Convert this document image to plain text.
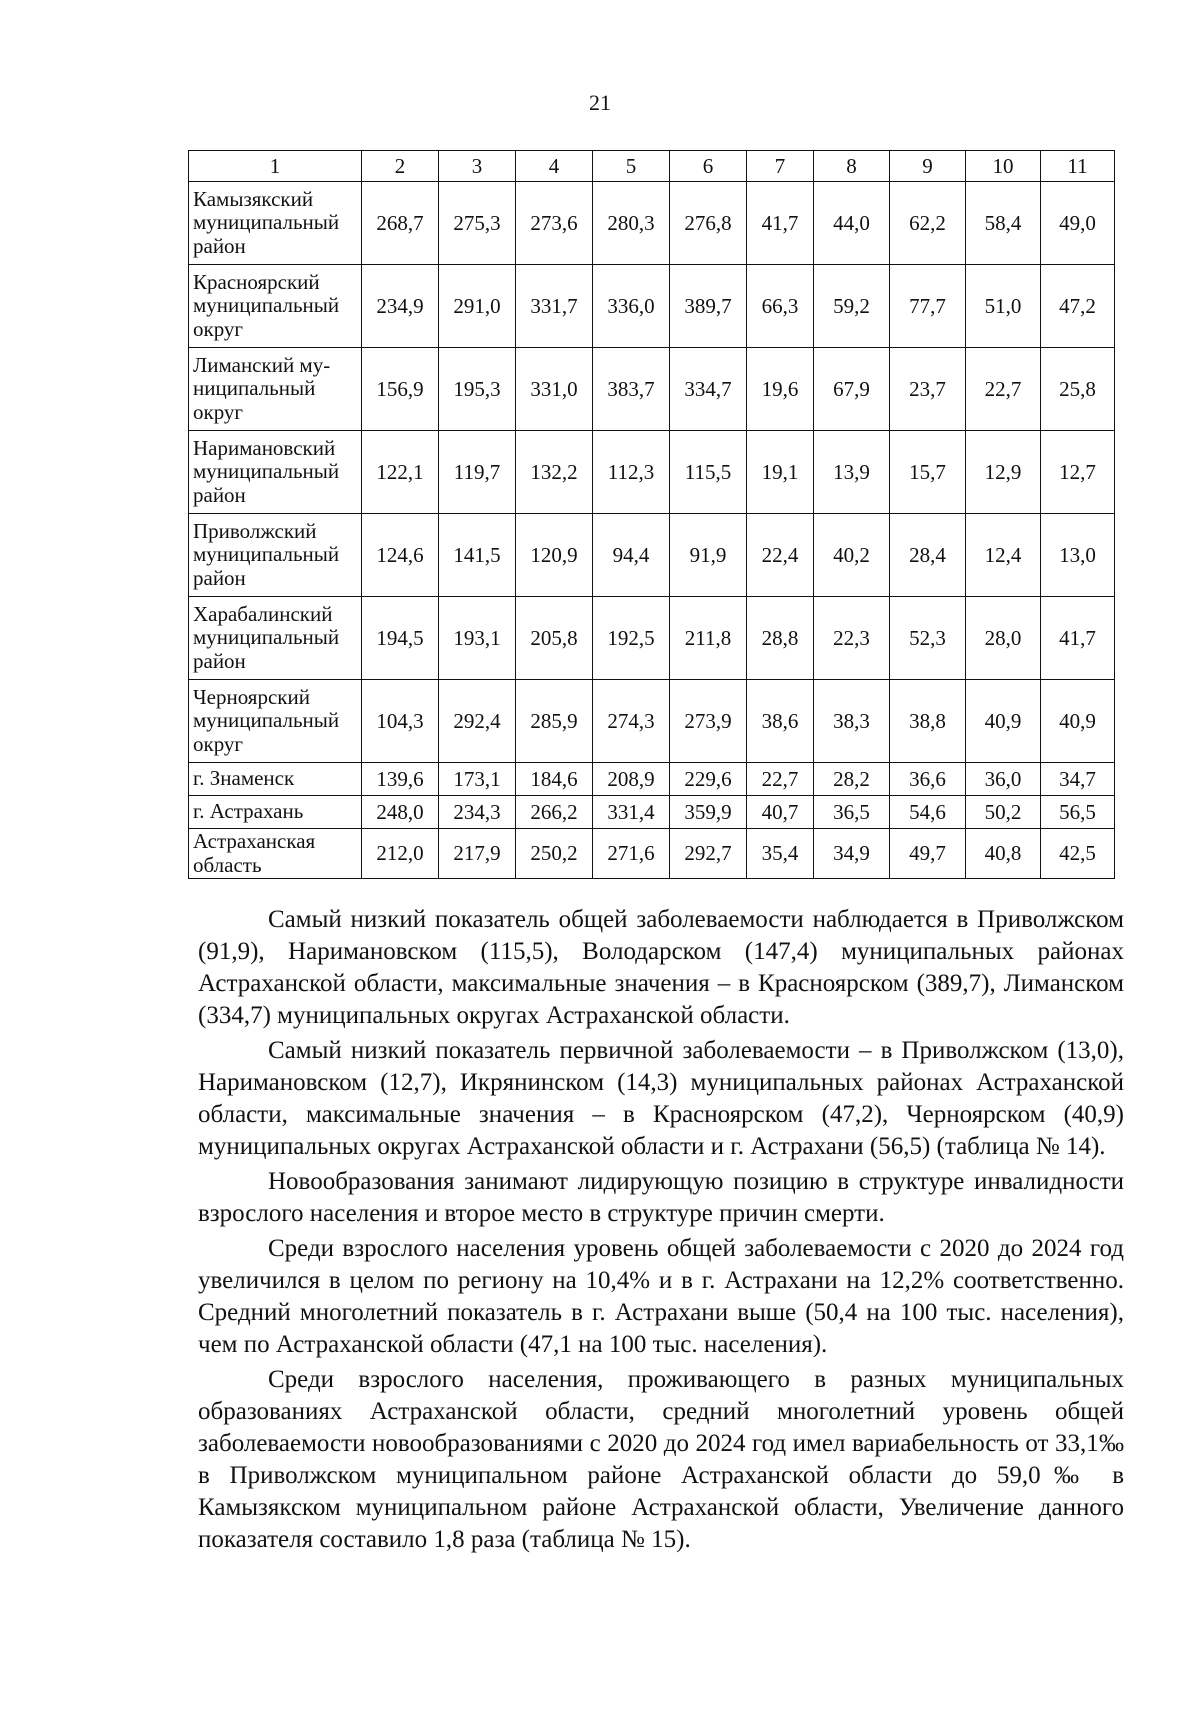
21
1	2	3	4	5	6	7	8	9	10	11
Камызякский
муниципальный
район	268,7	275,3	273,6	280,3	276,8	41,7	44,0	62,2	58,4	49,0
Красноярский
муниципальный
округ	234,9	291,0	331,7	336,0	389,7	66,3	59,2	77,7	51,0	47,2
Лиманский му-
ниципальный
округ	156,9	195,3	331,0	383,7	334,7	19,6	67,9	23,7	22,7	25,8
Наримановский
муниципальный
район	122,1	119,7	132,2	112,3	115,5	19,1	13,9	15,7	12,9	12,7
Приволжский
муниципальный
район	124,6	141,5	120,9	94,4	91,9	22,4	40,2	28,4	12,4	13,0
Харабалинский
муниципальный
район	194,5	193,1	205,8	192,5	211,8	28,8	22,3	52,3	28,0	41,7
Черноярский
муниципальный
округ	104,3	292,4	285,9	274,3	273,9	38,6	38,3	38,8	40,9	40,9
г. Знаменск	139,6	173,1	184,6	208,9	229,6	22,7	28,2	36,6	36,0	34,7
г. Астрахань	248,0	234,3	266,2	331,4	359,9	40,7	36,5	54,6	50,2	56,5
Астраханская
область	212,0	217,9	250,2	271,6	292,7	35,4	34,9	49,7	40,8	42,5

Самый низкий показатель общей заболеваемости наблюдается в Приволжском (91,9), Наримановском (115,5), Володарском (147,4) муниципальных районах Астраханской области, максимальные значения – в Красноярском (389,7), Лиманском (334,7) муниципальных округах Астраханской области.

Самый низкий показатель первичной заболеваемости – в Приволжском (13,0), Наримановском (12,7), Икрянинском (14,3) муниципальных районах Астраханской области, максимальные значения – в Красноярском (47,2), Черноярском (40,9) муниципальных округах Астраханской области и г. Астрахани (56,5) (таблица № 14).

Новообразования занимают лидирующую позицию в структуре инвалидности взрослого населения и второе место в структуре причин смерти.

Среди взрослого населения уровень общей заболеваемости с 2020 до 2024 год увеличился в целом по региону на 10,4% и в г. Астрахани на 12,2% соответственно. Средний многолетний показатель в г. Астрахани выше (50,4 на 100 тыс. населения), чем по Астраханской области (47,1 на 100 тыс. населения).

Среди взрослого населения, проживающего в разных муниципальных образованиях Астраханской области, средний многолетний уровень общей заболеваемости новообразованиями с 2020 до 2024 год имел вариабельность от 33,1‰ в Приволжском муниципальном районе Астраханской области до 59,0‰ в Камызякском муниципальном районе Астраханской области, Увеличение данного показателя составило 1,8 раза (таблица № 15).
